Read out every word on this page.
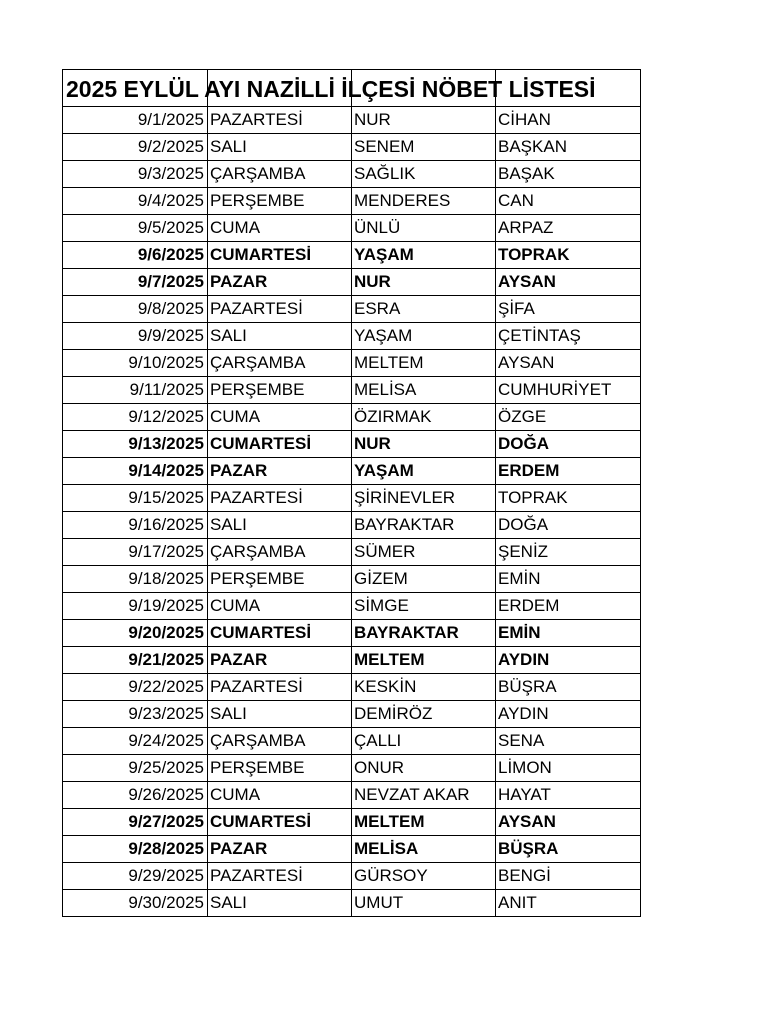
2025 EYLÜL AYI NAZİLLİ İLÇESİ NÖBET LİSTESİ			

9/1/2025	PAZARTESİ	NUR	CİHAN
9/2/2025	SALI	SENEM	BAŞKAN
9/3/2025	ÇARŞAMBA	SAĞLIK	BAŞAK
9/4/2025	PERŞEMBE	MENDERES	CAN
9/5/2025	CUMA	ÜNLÜ	ARPAZ
9/6/2025	CUMARTESİ	YAŞAM	TOPRAK
9/7/2025	PAZAR	NUR	AYSAN
9/8/2025	PAZARTESİ	ESRA	ŞİFA
9/9/2025	SALI	YAŞAM	ÇETİNTAŞ
9/10/2025	ÇARŞAMBA	MELTEM	AYSAN
9/11/2025	PERŞEMBE	MELİSA	CUMHURİYET
9/12/2025	CUMA	ÖZIRMAK	ÖZGE
9/13/2025	CUMARTESİ	NUR	DOĞA
9/14/2025	PAZAR	YAŞAM	ERDEM
9/15/2025	PAZARTESİ	ŞİRİNEVLER	TOPRAK
9/16/2025	SALI	BAYRAKTAR	DOĞA
9/17/2025	ÇARŞAMBA	SÜMER	ŞENİZ
9/18/2025	PERŞEMBE	GİZEM	EMİN
9/19/2025	CUMA	SİMGE	ERDEM
9/20/2025	CUMARTESİ	BAYRAKTAR	EMİN
9/21/2025	PAZAR	MELTEM	AYDIN
9/22/2025	PAZARTESİ	KESKİN	BÜŞRA
9/23/2025	SALI	DEMİRÖZ	AYDIN
9/24/2025	ÇARŞAMBA	ÇALLI	SENA
9/25/2025	PERŞEMBE	ONUR	LİMON
9/26/2025	CUMA	NEVZAT AKAR	HAYAT
9/27/2025	CUMARTESİ	MELTEM	AYSAN
9/28/2025	PAZAR	MELİSA	BÜŞRA
9/29/2025	PAZARTESİ	GÜRSOY	BENGİ
9/30/2025	SALI	UMUT	ANIT
